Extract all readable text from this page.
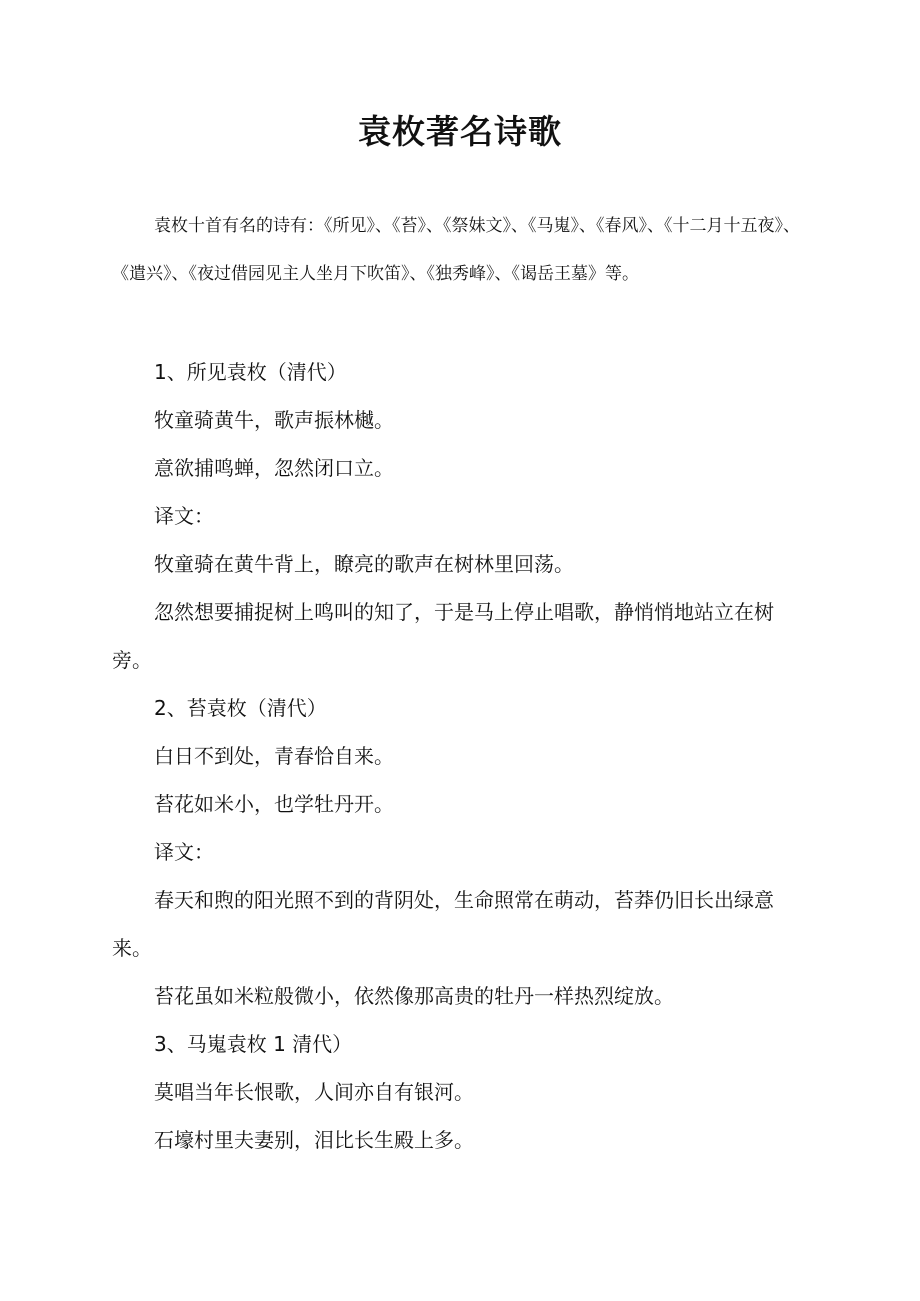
袁枚著名诗歌
袁枚十首有名的诗有：《所见》、《苔》、《祭妹文》、《马嵬》、《春风》、《十二月十五夜》、《遣兴》、《夜过借园见主人坐月下吹笛》、《独秀峰》、《谒岳王墓》等。

1、所见袁枚（清代）

牧童骑黄牛，歌声振林樾。

意欲捕鸣蝉，忽然闭口立。

译文：

牧童骑在黄牛背上，瞭亮的歌声在树林里回荡。

忽然想要捕捉树上鸣叫的知了，于是马上停止唱歌，静悄悄地站立在树旁。

2、苔袁枚（清代）

白日不到处，青春恰自来。

苔花如米小，也学牡丹开。

译文：

春天和煦的阳光照不到的背阴处，生命照常在萌动，苔莽仍旧长出绿意来。

苔花虽如米粒般微小，依然像那高贵的牡丹一样热烈绽放。

3、马嵬袁枚 1 清代）

莫唱当年长恨歌，人间亦自有银河。

石壕村里夫妻别，泪比长生殿上多。
